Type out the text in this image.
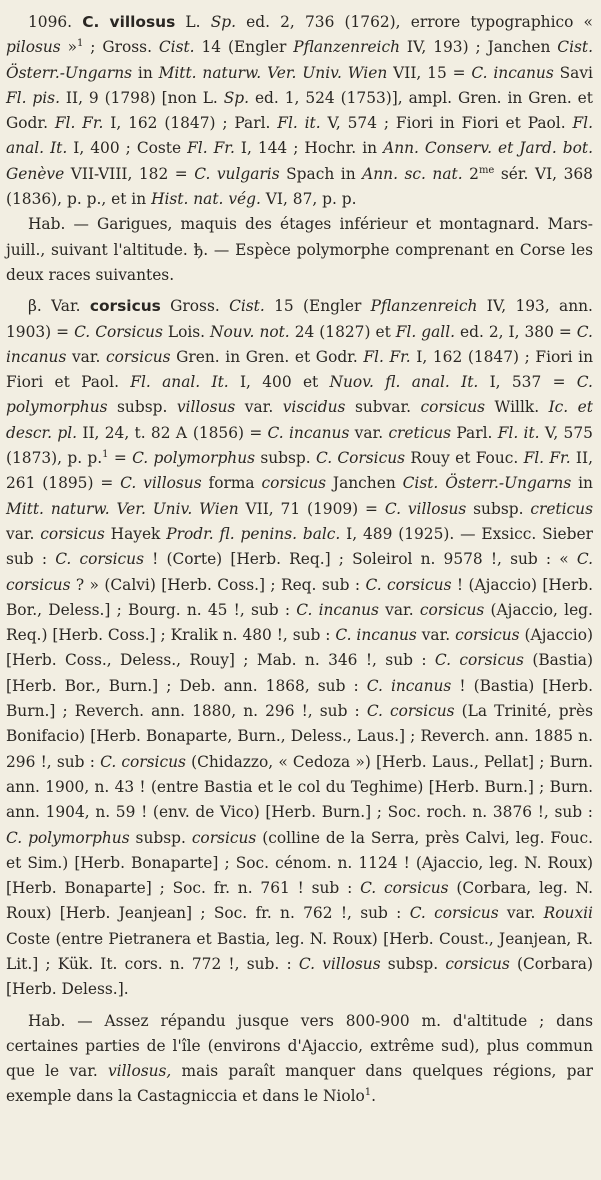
1096. C. villosus L. Sp. ed. 2, 736 (1762), errore typographico « pilosus »$^1$ ; Gross. Cist. 14 (Engler Pflanzenreich IV, 193) ; Janchen Cist. Österr.-Ungarns in Mitt. naturw. Ver. Univ. Wien VII, 15 = C. incanus Savi Fl. pis. II, 9 (1798) [non L. Sp. ed. 1, 524 (1753)], ampl. Gren. in Gren. et Godr. Fl. Fr. I, 162 (1847) ; Parl. Fl. it. V, 574 ; Fiori in Fiori et Paol. Fl. anal. It. I, 400 ; Coste Fl. Fr. I, 144 ; Hochr. in Ann. Conserv. et Jard. bot. Genève VII-VIII, 182 = C. vulgaris Spach in Ann. sc. nat. $2^{me}$ sér. VI, 368 (1836), p. p., et in Hist. nat. vég. VI, 87, p. p.

Hab. — Garigues, maquis des étages inférieur et montagnard. Mars-juill., suivant l'altitude. ђ. — Espèce polymorphe comprenant en Corse les deux races suivantes.

β. Var. corsicus Gross. Cist. 15 (Engler Pflanzenreich IV, 193, ann. 1903) = C. Corsicus Lois. Nouv. not. 24 (1827) et Fl. gall. ed. 2, I, 380 = C. incanus var. corsicus Gren. in Gren. et Godr. Fl. Fr. I, 162 (1847) ; Fiori in Fiori et Paol. Fl. anal. It. I, 400 et Nuov. fl. anal. It. I, 537 = C. polymorphus subsp. villosus var. viscidus subvar. corsicus Willk. Ic. et descr. pl. II, 24, t. 82 A (1856) = C. incanus var. creticus Parl. Fl. it. V, 575 (1873), p. p.$^1$ = C. polymorphus subsp. C. Corsicus Rouy et Fouc. Fl. Fr. II, 261 (1895) = C. villosus forma corsicus Janchen Cist. Österr.-Ungarns in Mitt. naturw. Ver. Univ. Wien VII, 71 (1909) = C. villosus subsp. creticus var. corsicus Hayek Prodr. fl. penins. balc. I, 489 (1925). — Exsicc. Sieber sub : C. corsicus ! (Corte) [Herb. Req.] ; Soleirol n. 9578 !, sub : « C. corsicus ? » (Calvi) [Herb. Coss.] ; Req. sub : C. corsicus ! (Ajaccio) [Herb. Bor., Deless.] ; Bourg. n. 45 !, sub : C. incanus var. corsicus (Ajaccio, leg. Req.) [Herb. Coss.] ; Kralik n. 480 !, sub : C. incanus var. corsicus (Ajaccio) [Herb. Coss., Deless., Rouy] ; Mab. n. 346 !, sub : C. corsicus (Bastia) [Herb. Bor., Burn.] ; Deb. ann. 1868, sub : C. incanus ! (Bastia) [Herb. Burn.] ; Reverch. ann. 1880, n. 296 !, sub : C. corsicus (La Trinité, près Bonifacio) [Herb. Bonaparte, Burn., Deless., Laus.] ; Reverch. ann. 1885 n. 296 !, sub : C. corsicus (Chidazzo, « Cedoza ») [Herb. Laus., Pellat] ; Burn. ann. 1900, n. 43 ! (entre Bastia et le col du Teghime) [Herb. Burn.] ; Burn. ann. 1904, n. 59 ! (env. de Vico) [Herb. Burn.] ; Soc. roch. n. 3876 !, sub : C. polymorphus subsp. corsicus (colline de la Serra, près Calvi, leg. Fouc. et Sim.) [Herb. Bonaparte] ; Soc. cénom. n. 1124 ! (Ajaccio, leg. N. Roux) [Herb. Bonaparte] ; Soc. fr. n. 761 ! sub : C. corsicus (Corbara, leg. N. Roux) [Herb. Jeanjean] ; Soc. fr. n. 762 !, sub : C. corsicus var. Rouxii Coste (entre Pietranera et Bastia, leg. N. Roux) [Herb. Coust., Jeanjean, R. Lit.] ; Kük. It. cors. n. 772 !, sub. : C. villosus subsp. corsicus (Corbara) [Herb. Deless.].

Hab. — Assez répandu jusque vers 800-900 m. d'altitude ; dans certaines parties de l'île (environs d'Ajaccio, extrême sud), plus commun que le var. villosus, mais paraît manquer dans quelques régions, par exemple dans la Castagniccia et dans le Niolo$^1$.
